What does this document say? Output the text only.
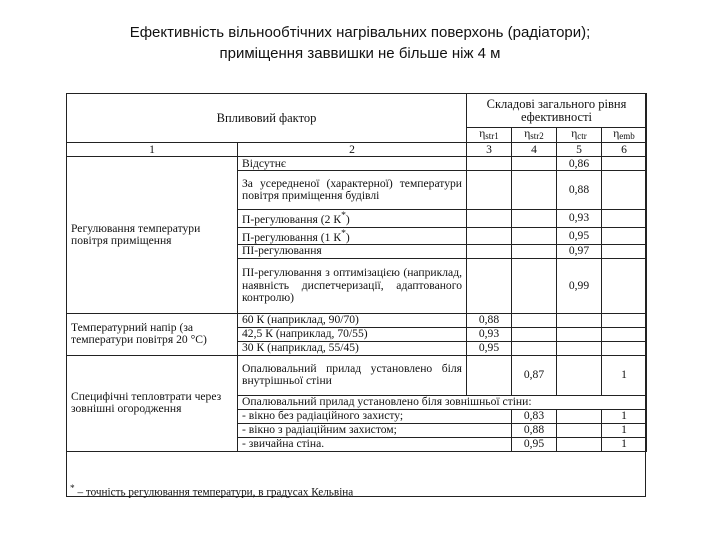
Ефективність вільнообтічних нагрівальних поверхонь (радіатори);
приміщення заввишки не більше ніж 4 м
Впливовий фактор		Складові загального рівня ефективності			
		$\eta_{str1}$	$\eta_{str2}$	$\eta_{ctr}$	$\eta_{emb}$
1	2	3	4	5	6
Регулювання температури повітря приміщення	Відсутнє			0,86	
	За усередненої (характерної) температури повітря приміщення будівлі			0,88	
	П-регулювання (2 К*)			0,93	
	П-регулювання (1 К*)			0,95	
	ПІ-регулювання			0,97	
	ПІ-регулювання з оптимізацією (наприклад, наявність диспетчеризації, адаптованого контролю)			0,99	
Температурний напір (за температури повітря 20 °C)	60 К (наприклад, 90/70)	0,88			
	42,5 К (наприклад, 70/55)	0,93			
	30 К (наприклад, 55/45)	0,95			
Специфічні тепловтрати через зовнішні огородження	Опалювальний прилад установлено біля внутрішньої стіни		0,87		1
	Опалювальний прилад установлено біля зовнішньої стіни:				
	- вікно без радіаційного захисту;		0,83		1
	- вікно з радіаційним захистом;		0,88		1
	- звичайна стіна.		0,95		1
* – точність регулювання температури, в градусах Кельвіна
